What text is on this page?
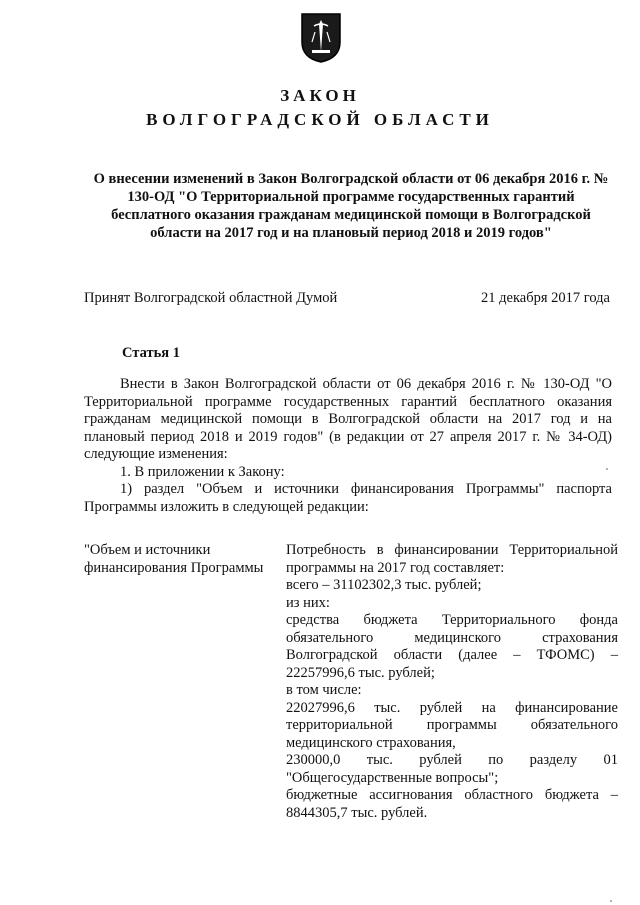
ЗАКОН
ВОЛГОГРАДСКОЙ ОБЛАСТИ
О внесении изменений в Закон Волгоградской области от 06 декабря 2016 г. № 130-ОД "О Территориальной программе государственных гарантий бесплатного оказания гражданам медицинской помощи в Волгоградской области на 2017 год и на плановый период 2018 и 2019 годов"
Принят Волгоградской областной Думой	21 декабря 2017 года
Статья 1

Внести в Закон Волгоградской области от 06 декабря 2016 г. № 130-ОД "О Территориальной программе государственных гарантий бесплатного оказания гражданам медицинской помощи в Волгоградской области на 2017 год и на плановый период 2018 и 2019 годов" (в редакции от 27 апреля 2017 г. № 34-ОД) следующие изменения:

1. В приложении к Закону:

1) раздел "Объем и источники финансирования Программы" паспорта Программы изложить в следующей редакции:

"Объем и источники финансирования Программы

Потребность в финансировании Территориальной программы на 2017 год составляет:

всего – 31102302,3 тыс. рублей;

из них:

средства бюджета Территориального фонда обязательного медицинского страхования Волгоградской области (далее – ТФОМС) – 22257996,6 тыс. рублей;

в том числе:

22027996,6 тыс. рублей на финансирование территориальной программы обязательного медицинского страхования,

230000,0 тыс. рублей по разделу 01 "Общегосударственные вопросы";

бюджетные ассигнования областного бюджета – 8844305,7 тыс. рублей.
